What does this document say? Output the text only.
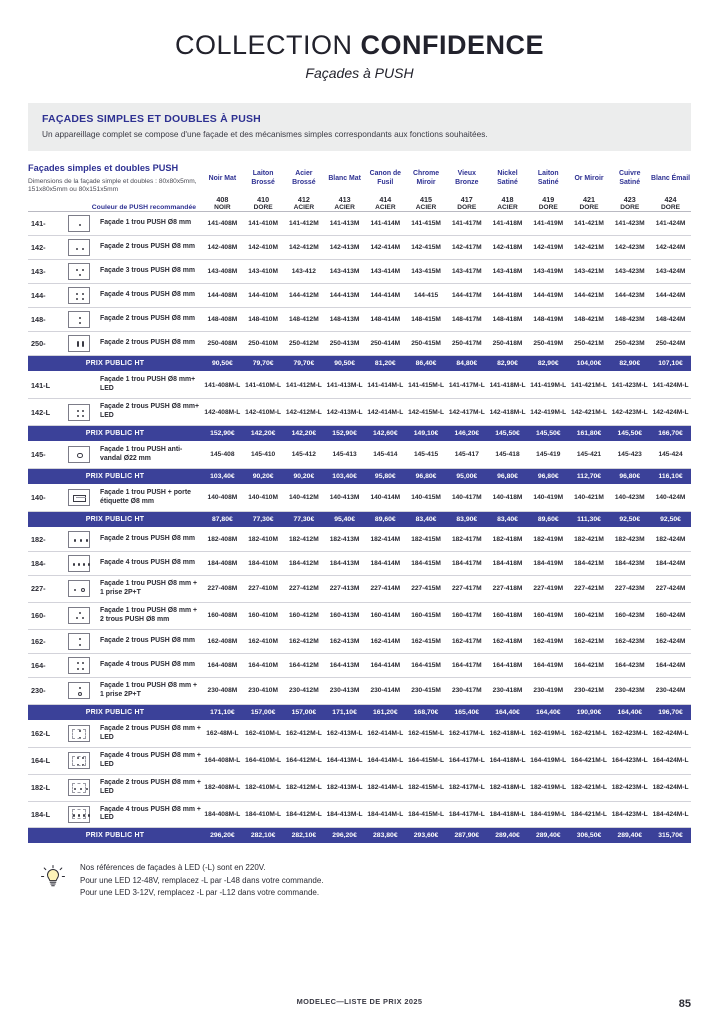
COLLECTION CONFIDENCE
Façades à PUSH
FAÇADES SIMPLES ET DOUBLES À PUSH
Un appareillage complet se compose d'une façade et des mécanismes simples correspondants aux fonctions souhaitées.
Façades simples et doubles PUSH
Dimensions de la façade simple et doubles : 80x80x5mm, 151x80x5mm ou 80x151x5mm			Noir Mat	Laiton Brossé	Acier Brossé	Blanc Mat	Canon de Fusil	Chrome Miroir	Vieux Bronze	Nickel Satiné	Laiton Satiné	Or Miroir	Cuivre Satiné	Blanc Émail
			408	410	412	413	414	415	417	418	419	421	423	424
Couleur de PUSH recommandée			NOIR	DORE	ACIER	ACIER	ACIER	ACIER	DORE	ACIER	DORE	DORE	DORE	DORE

141-		Façade 1 trou PUSH Ø8 mm	141-408M	141-410M	141-412M	141-413M	141-414M	141-415M	141-417M	141-418M	141-419M	141-421M	141-423M	141-424M
142-		Façade 2 trous PUSH Ø8 mm	142-408M	142-410M	142-412M	142-413M	142-414M	142-415M	142-417M	142-418M	142-419M	142-421M	142-423M	142-424M
143-		Façade 3 trous PUSH Ø8 mm	143-408M	143-410M	143-412	143-413M	143-414M	143-415M	143-417M	143-418M	143-419M	143-421M	143-423M	143-424M
144-		Façade 4 trous PUSH Ø8 mm	144-408M	144-410M	144-412M	144-413M	144-414M	144-415	144-417M	144-418M	144-419M	144-421M	144-423M	144-424M
148-		Façade 2 trous PUSH Ø8 mm	148-408M	148-410M	148-412M	148-413M	148-414M	148-415M	148-417M	148-418M	148-419M	148-421M	148-423M	148-424M
250-		Façade 2 trous PUSH Ø8 mm	250-408M	250-410M	250-412M	250-413M	250-414M	250-415M	250-417M	250-418M	250-419M	250-421M	250-423M	250-424M
PRIX PUBLIC HT			90,50€	79,70€	79,70€	90,50€	81,20€	86,40€	84,80€	82,90€	82,90€	104,00€	82,90€	107,10€
141-L		Façade 1 trou PUSH Ø8 mm+ LED	141-408M-L	141-410M-L	141-412M-L	141-413M-L	141-414M-L	141-415M-L	141-417M-L	141-418M-L	141-419M-L	141-421M-L	141-423M-L	141-424M-L
142-L		Façade 2 trous PUSH Ø8 mm+ LED	142-408M-L	142-410M-L	142-412M-L	142-413M-L	142-414M-L	142-415M-L	142-417M-L	142-418M-L	142-419M-L	142-421M-L	142-423M-L	142-424M-L
PRIX PUBLIC HT			152,90€	142,20€	142,20€	152,90€	142,60€	149,10€	146,20€	145,50€	145,50€	161,80€	145,50€	166,70€
145-		Façade 1 trou PUSH anti-vandal Ø22 mm	145-408	145-410	145-412	145-413	145-414	145-415	145-417	145-418	145-419	145-421	145-423	145-424
PRIX PUBLIC HT			103,40€	90,20€	90,20€	103,40€	95,80€	96,80€	95,00€	96,80€	96,80€	112,70€	96,80€	116,10€
140-		Façade 1 trou PUSH + porte étiquette Ø8 mm	140-408M	140-410M	140-412M	140-413M	140-414M	140-415M	140-417M	140-418M	140-419M	140-421M	140-423M	140-424M
PRIX PUBLIC HT			87,80€	77,30€	77,30€	95,40€	89,60€	83,40€	83,90€	83,40€	89,60€	111,30€	92,50€	92,50€
182-		Façade 2 trous PUSH Ø8 mm	182-408M	182-410M	182-412M	182-413M	182-414M	182-415M	182-417M	182-418M	182-419M	182-421M	182-423M	182-424M
184-		Façade 4 trous PUSH Ø8 mm	184-408M	184-410M	184-412M	184-413M	184-414M	184-415M	184-417M	184-418M	184-419M	184-421M	184-423M	184-424M
227-		Façade 1 trou PUSH Ø8 mm + 1 prise 2P+T	227-408M	227-410M	227-412M	227-413M	227-414M	227-415M	227-417M	227-418M	227-419M	227-421M	227-423M	227-424M
160-		Façade 1 trou PUSH Ø8 mm + 2 trous PUSH Ø8 mm	160-408M	160-410M	160-412M	160-413M	160-414M	160-415M	160-417M	160-418M	160-419M	160-421M	160-423M	160-424M
162-		Façade 2 trous PUSH Ø8 mm	162-408M	162-410M	162-412M	162-413M	162-414M	162-415M	162-417M	162-418M	162-419M	162-421M	162-423M	162-424M
164-		Façade 4 trous PUSH Ø8 mm	164-408M	164-410M	164-412M	164-413M	164-414M	164-415M	164-417M	164-418M	164-419M	164-421M	164-423M	164-424M
230-		Façade 1 trou PUSH Ø8 mm + 1 prise 2P+T	230-408M	230-410M	230-412M	230-413M	230-414M	230-415M	230-417M	230-418M	230-419M	230-421M	230-423M	230-424M
PRIX PUBLIC HT			171,10€	157,00€	157,00€	171,10€	161,20€	168,70€	165,40€	164,40€	164,40€	190,90€	164,40€	196,70€
162-L		Façade 2 trous PUSH Ø8 mm + LED	162-48M-L	162-410M-L	162-412M-L	162-413M-L	162-414M-L	162-415M-L	162-417M-L	162-418M-L	162-419M-L	162-421M-L	162-423M-L	162-424M-L
164-L		Façade 4 trous PUSH Ø8 mm + LED	164-408M-L	164-410M-L	164-412M-L	164-413M-L	164-414M-L	164-415M-L	164-417M-L	164-418M-L	164-419M-L	164-421M-L	164-423M-L	164-424M-L
182-L		Façade 2 trous PUSH Ø8 mm + LED	182-408M-L	182-410M-L	182-412M-L	182-413M-L	182-414M-L	182-415M-L	182-417M-L	182-418M-L	182-419M-L	182-421M-L	182-423M-L	182-424M-L
184-L		Façade 4 trous PUSH Ø8 mm + LED	184-408M-L	184-410M-L	184-412M-L	184-413M-L	184-414M-L	184-415M-L	184-417M-L	184-418M-L	184-419M-L	184-421M-L	184-423M-L	184-424M-L
PRIX PUBLIC HT			296,20€	282,10€	282,10€	296,20€	283,80€	293,60€	287,90€	289,40€	289,40€	306,50€	289,40€	315,70€
Nos références de façades à LED (-L) sont en 220V.
Pour une LED 12-48V, remplacez -L par -L48 dans votre commande.
Pour une LED 3-12V, remplacez -L par -L12 dans votre commande.
MODELEC—LISTE DE PRIX 2025	85
